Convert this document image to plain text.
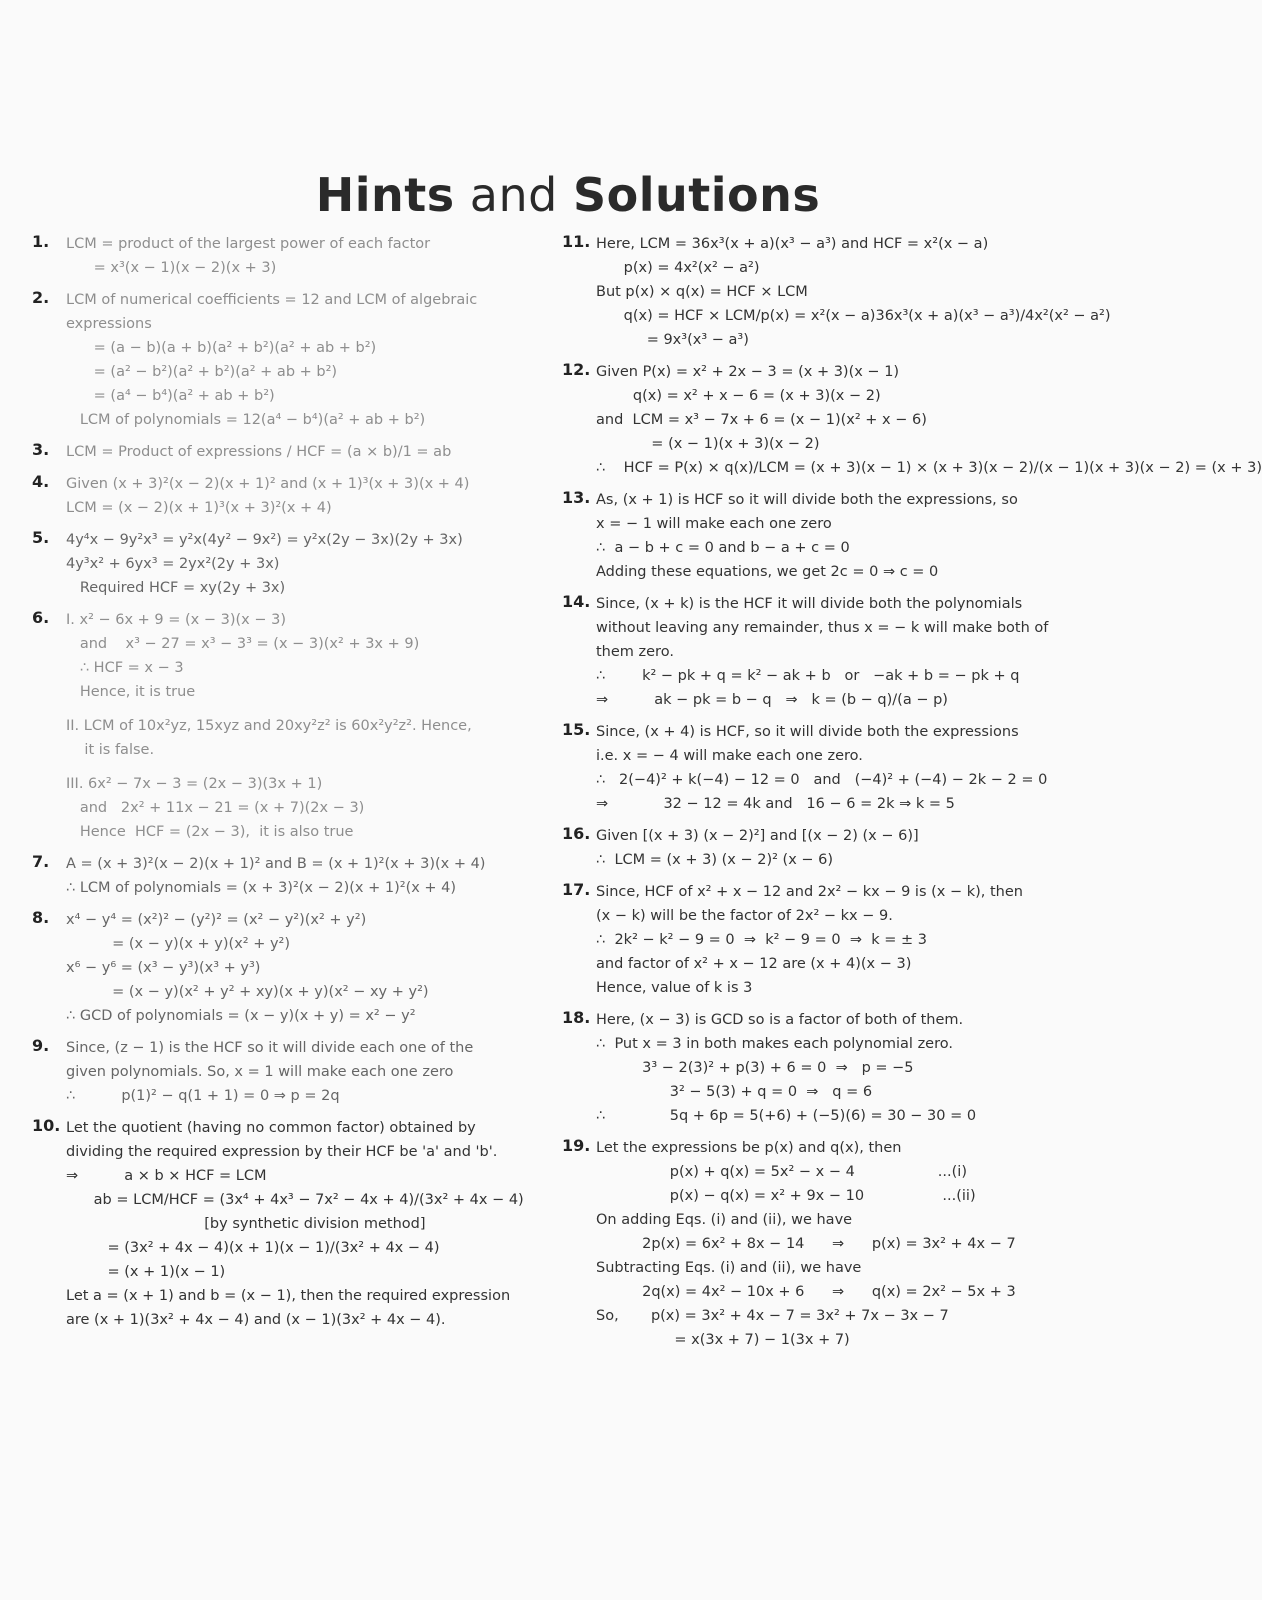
Hints and Solutions
1. LCM = product of the largest power of each factor
= x³(x − 1)(x − 2)(x + 3)
2. LCM of numerical coefficients = 12 and LCM of algebraic
expressions
= (a − b)(a + b)(a² + b²)(a² + ab + b²)
= (a² − b²)(a² + b²)(a² + ab + b²)
= (a⁴ − b⁴)(a² + ab + b²)
LCM of polynomials = 12(a⁴ − b⁴)(a² + ab + b²)
3. LCM = Product of expressions / HCF = (a × b)/1 = ab
4. Given (x + 3)²(x − 2)(x + 1)² and (x + 1)³(x + 3)(x + 4)
LCM = (x − 2)(x + 1)³(x + 3)²(x + 4)
5. 4y⁴x − 9y²x³ = y²x(4y² − 9x²) = y²x(2y − 3x)(2y + 3x)
4y³x² + 6yx³ = 2yx²(2y + 3x)
Required HCF = xy(2y + 3x)
6. I. x² − 6x + 9 = (x − 3)(x − 3)
and    x³ − 27 = x³ − 3³ = (x − 3)(x² + 3x + 9)
∴ HCF = x − 3
Hence, it is true
II. LCM of 10x²yz, 15xyz and 20xy²z² is 60x²y²z². Hence,
it is false.
III. 6x² − 7x − 3 = (2x − 3)(3x + 1)
and   2x² + 11x − 21 = (x + 7)(2x − 3)
Hence  HCF = (2x − 3),  it is also true
7. A = (x + 3)²(x − 2)(x + 1)² and B = (x + 1)²(x + 3)(x + 4)
∴ LCM of polynomials = (x + 3)²(x − 2)(x + 1)²(x + 4)
8. x⁴ − y⁴ = (x²)² − (y²)² = (x² − y²)(x² + y²)
= (x − y)(x + y)(x² + y²)
x⁶ − y⁶ = (x³ − y³)(x³ + y³)
= (x − y)(x² + y² + xy)(x + y)(x² − xy + y²)
∴ GCD of polynomials = (x − y)(x + y) = x² − y²
9. Since, (z − 1) is the HCF so it will divide each one of the
given polynomials. So, x = 1 will make each one zero
∴          p(1)² − q(1 + 1) = 0 ⇒ p = 2q
10. Let the quotient (having no common factor) obtained by
dividing the required expression by their HCF be 'a' and 'b'.
⇒          a × b × HCF = LCM
ab = LCM/HCF = (3x⁴ + 4x³ − 7x² − 4x + 4)/(3x² + 4x − 4)
[by synthetic division method]
= (3x² + 4x − 4)(x + 1)(x − 1)/(3x² + 4x − 4)
= (x + 1)(x − 1)
Let a = (x + 1) and b = (x − 1), then the required expression
are (x + 1)(3x² + 4x − 4) and (x − 1)(3x² + 4x − 4).
11. Here, LCM = 36x³(x + a)(x³ − a³) and HCF = x²(x − a)
p(x) = 4x²(x² − a²)
But p(x) × q(x) = HCF × LCM
q(x) = HCF × LCM/p(x) = x²(x − a)36x³(x + a)(x³ − a³)/4x²(x² − a²)
= 9x³(x³ − a³)
12. Given P(x) = x² + 2x − 3 = (x + 3)(x − 1)
q(x) = x² + x − 6 = (x + 3)(x − 2)
and  LCM = x³ − 7x + 6 = (x − 1)(x² + x − 6)
= (x − 1)(x + 3)(x − 2)
∴    HCF = P(x) × q(x)/LCM = (x + 3)(x − 1) × (x + 3)(x − 2)/(x − 1)(x + 3)(x − 2) = (x + 3)
13. As, (x + 1) is HCF so it will divide both the expressions, so
x = − 1 will make each one zero
∴  a − b + c = 0 and b − a + c = 0
Adding these equations, we get 2c = 0 ⇒ c = 0
14. Since, (x + k) is the HCF it will divide both the polynomials
without leaving any remainder, thus x = − k will make both of
them zero.
∴        k² − pk + q = k² − ak + b   or   −ak + b = − pk + q
⇒          ak − pk = b − q   ⇒   k = (b − q)/(a − p)
15. Since, (x + 4) is HCF, so it will divide both the expressions
i.e. x = − 4 will make each one zero.
∴   2(−4)² + k(−4) − 12 = 0   and   (−4)² + (−4) − 2k − 2 = 0
⇒            32 − 12 = 4k and   16 − 6 = 2k ⇒ k = 5
16. Given [(x + 3) (x − 2)²] and [(x − 2) (x − 6)]
∴  LCM = (x + 3) (x − 2)² (x − 6)
17. Since, HCF of x² + x − 12 and 2x² − kx − 9 is (x − k), then
(x − k) will be the factor of 2x² − kx − 9.
∴  2k² − k² − 9 = 0  ⇒  k² − 9 = 0  ⇒  k = ± 3
and factor of x² + x − 12 are (x + 4)(x − 3)
Hence, value of k is 3
18. Here, (x − 3) is GCD so is a factor of both of them.
∴  Put x = 3 in both makes each polynomial zero.
3³ − 2(3)² + p(3) + 6 = 0  ⇒   p = −5
3² − 5(3) + q = 0  ⇒   q = 6
∴              5q + 6p = 5(+6) + (−5)(6) = 30 − 30 = 0
19. Let the expressions be p(x) and q(x), then
p(x) + q(x) = 5x² − x − 4                  ...(i)
p(x) − q(x) = x² + 9x − 10                 ...(ii)
On adding Eqs. (i) and (ii), we have
2p(x) = 6x² + 8x − 14      ⇒      p(x) = 3x² + 4x − 7
Subtracting Eqs. (i) and (ii), we have
2q(x) = 4x² − 10x + 6      ⇒      q(x) = 2x² − 5x + 3
So,       p(x) = 3x² + 4x − 7 = 3x² + 7x − 3x − 7
= x(3x + 7) − 1(3x + 7)
